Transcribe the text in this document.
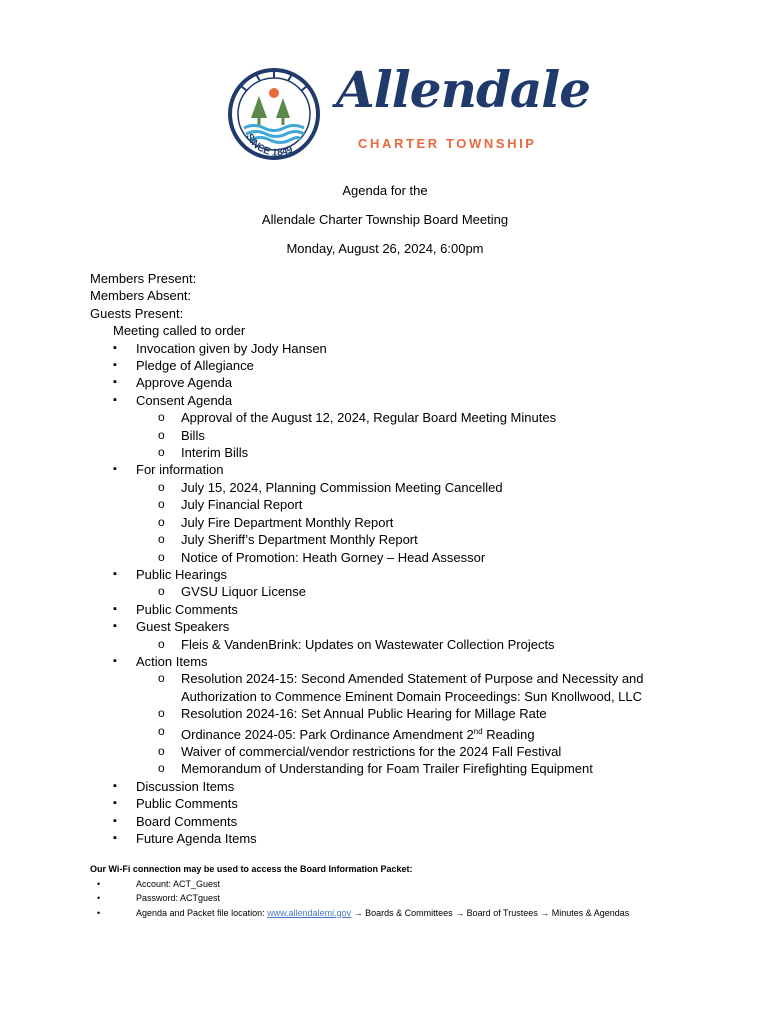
SINCE 1849
Allendale
CHARTER TOWNSHIP
Agenda for the
Allendale Charter Township Board Meeting
Monday, August 26, 2024, 6:00pm
Members Present:
Members Absent:
Guests Present:
Meeting called to order
▪ Invocation given by Jody Hansen
▪ Pledge of Allegiance
▪ Approve Agenda
▪ Consent Agenda
o Approval of the August 12, 2024, Regular Board Meeting Minutes
o Bills
o Interim Bills
▪ For information
o July 15, 2024, Planning Commission Meeting Cancelled
o July Financial Report
o July Fire Department Monthly Report
o July Sheriff’s Department Monthly Report
o Notice of Promotion: Heath Gorney – Head Assessor
▪ Public Hearings
o GVSU Liquor License
▪ Public Comments
▪ Guest Speakers
o Fleis & VandenBrink: Updates on Wastewater Collection Projects
▪ Action Items
o Resolution 2024-15: Second Amended Statement of Purpose and Necessity and
Authorization to Commence Eminent Domain Proceedings: Sun Knollwood, LLC
o Resolution 2024-16: Set Annual Public Hearing for Millage Rate
o Ordinance 2024-05: Park Ordinance Amendment 2nd Reading
o Waiver of commercial/vendor restrictions for the 2024 Fall Festival
o Memorandum of Understanding for Foam Trailer Firefighting Equipment
▪ Discussion Items
▪ Public Comments
▪ Board Comments
▪ Future Agenda Items
Our Wi-Fi connection may be used to access the Board Information Packet:
• Account: ACT_Guest
• Password: ACTguest
• Agenda and Packet file location: www.allendalemi.gov → Boards & Committees → Board of Trustees → Minutes & Agendas
